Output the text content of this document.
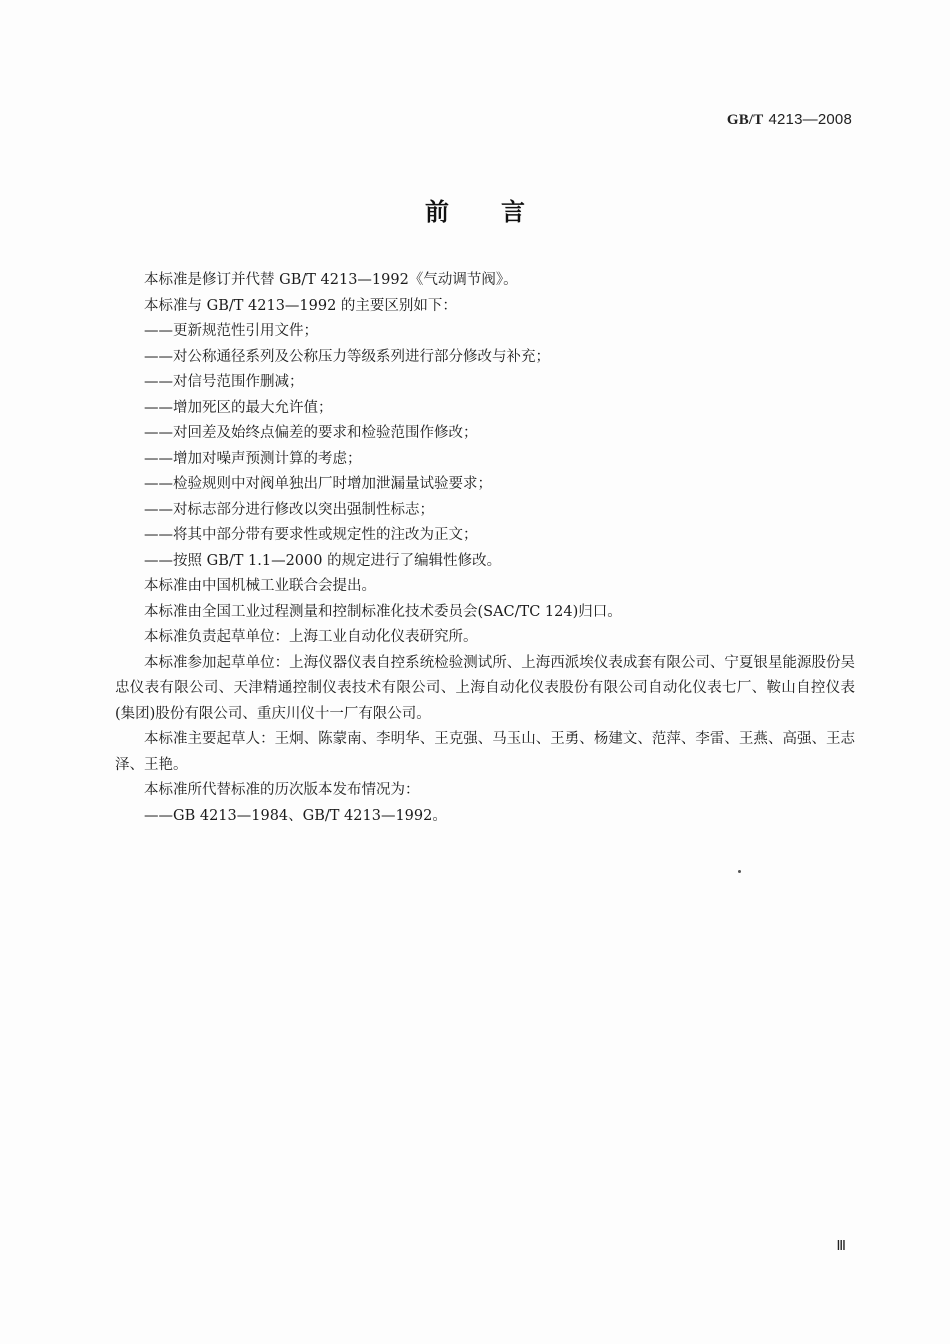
GB/T 4213—2008
前言

本标准是修订并代替 GB/T 4213—1992《气动调节阀》。

本标准与 GB/T 4213—1992 的主要区别如下：

——更新规范性引用文件；

——对公称通径系列及公称压力等级系列进行部分修改与补充；

——对信号范围作删减；

——增加死区的最大允许值；

——对回差及始终点偏差的要求和检验范围作修改；

——增加对噪声预测计算的考虑；

——检验规则中对阀单独出厂时增加泄漏量试验要求；

——对标志部分进行修改以突出强制性标志；

——将其中部分带有要求性或规定性的注改为正文；

——按照 GB/T 1.1—2000 的规定进行了编辑性修改。

本标准由中国机械工业联合会提出。

本标准由全国工业过程测量和控制标准化技术委员会(SAC/TC 124)归口。

本标准负责起草单位：上海工业自动化仪表研究所。

本标准参加起草单位：上海仪器仪表自控系统检验测试所、上海西派埃仪表成套有限公司、宁夏银星能源股份吴忠仪表有限公司、天津精通控制仪表技术有限公司、上海自动化仪表股份有限公司自动化仪表七厂、鞍山自控仪表(集团)股份有限公司、重庆川仪十一厂有限公司。

本标准主要起草人：王炯、陈蒙南、李明华、王克强、马玉山、王勇、杨建文、范萍、李雷、王燕、高强、王志泽、王艳。

本标准所代替标准的历次版本发布情况为：

——GB 4213—1984、GB/T 4213—1992。

Ⅲ
